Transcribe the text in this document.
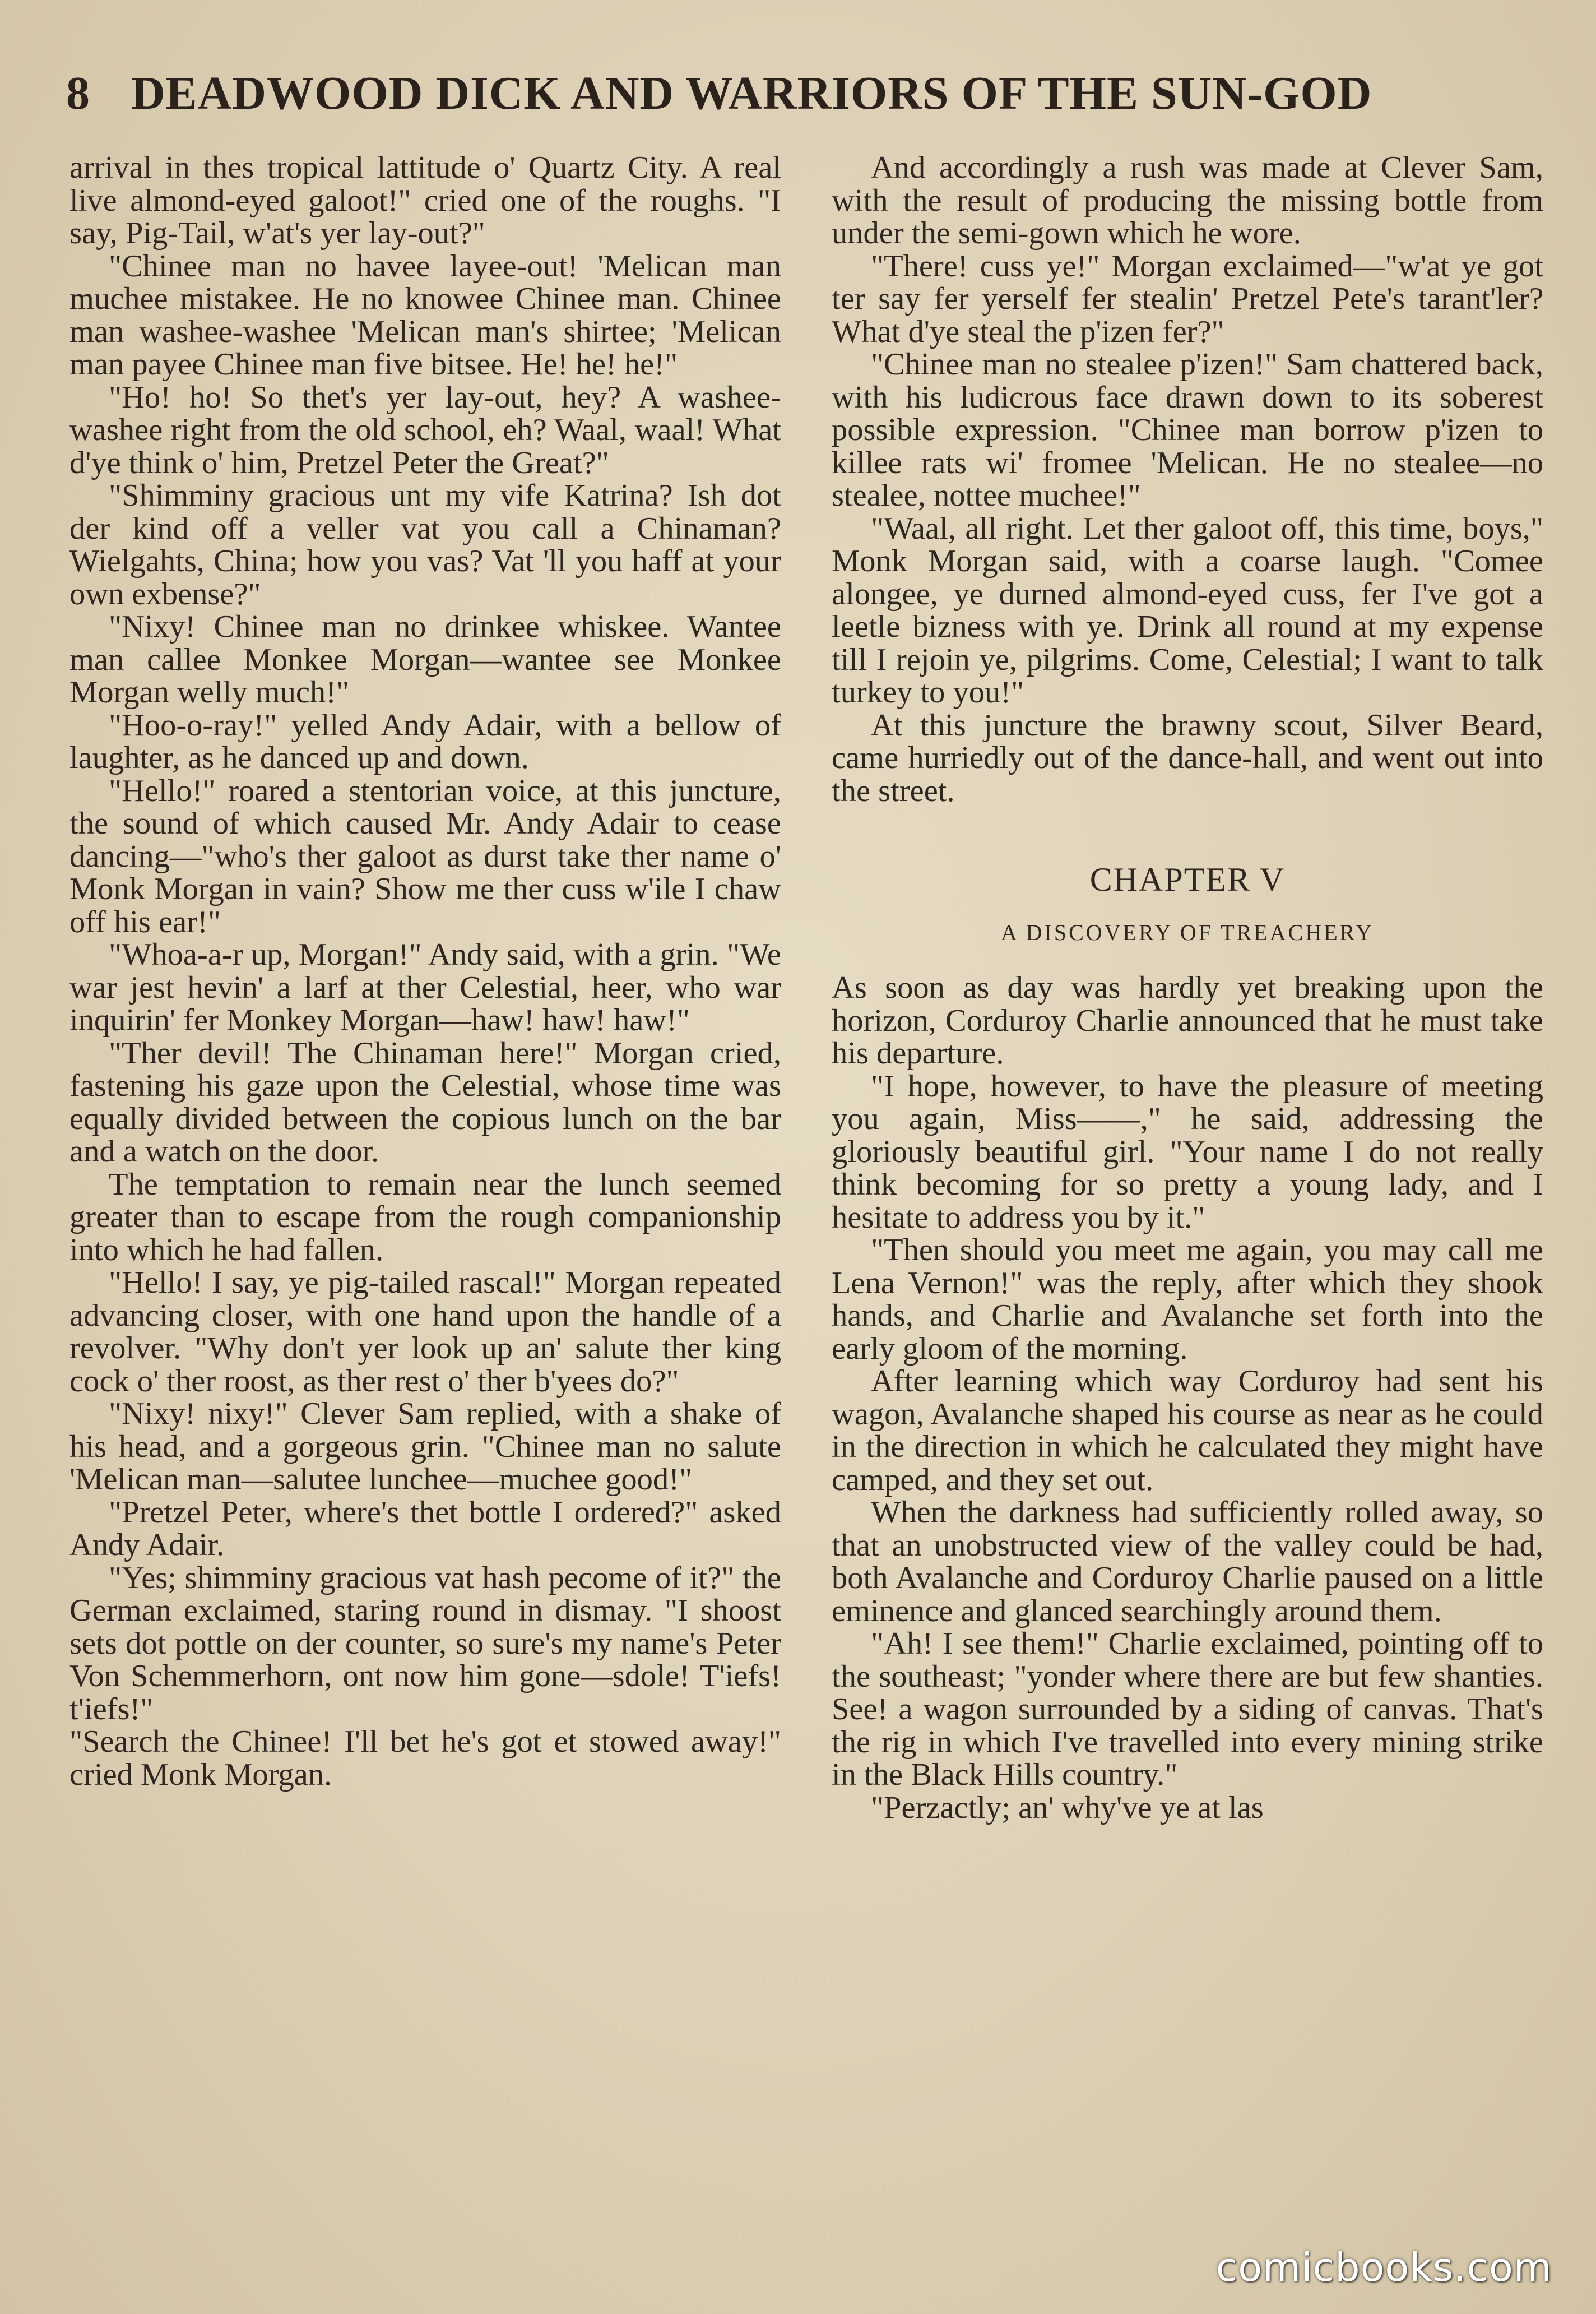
8 DEADWOOD DICK AND WARRIORS OF THE SUN-GOD

arrival in thes tropical lattitude o' Quartz City. A real live almond-eyed galoot!" cried one of the roughs. "I say, Pig-Tail, w'at's yer lay-out?"

"Chinee man no havee layee-out! 'Melican man muchee mistakee. He no knowee Chinee man. Chinee man washee-washee 'Melican man's shirtee; 'Melican man payee Chinee man five bitsee. He! he! he!"

"Ho! ho! So thet's yer lay-out, hey? A washee-washee right from the old school, eh? Waal, waal! What d'ye think o' him, Pretzel Peter the Great?"

"Shimminy gracious unt my vife Katrina? Ish dot der kind off a veller vat you call a Chinaman? Wielgahts, China; how you vas? Vat 'll you haff at your own exbense?"

"Nixy! Chinee man no drinkee whiskee. Wantee man callee Monkee Morgan—wantee see Monkee Morgan welly much!"

"Hoo-o-ray!" yelled Andy Adair, with a bellow of laughter, as he danced up and down.

"Hello!" roared a stentorian voice, at this juncture, the sound of which caused Mr. Andy Adair to cease dancing—"who's ther galoot as durst take ther name o' Monk Morgan in vain? Show me ther cuss w'ile I chaw off his ear!"

"Whoa-a-r up, Morgan!" Andy said, with a grin. "We war jest hevin' a larf at ther Celestial, heer, who war inquirin' fer Monkey Morgan—haw! haw! haw!"

"Ther devil! The Chinaman here!" Morgan cried, fastening his gaze upon the Celestial, whose time was equally divided between the copious lunch on the bar and a watch on the door.

The temptation to remain near the lunch seemed greater than to escape from the rough companionship into which he had fallen.

"Hello! I say, ye pig-tailed rascal!" Morgan repeated advancing closer, with one hand upon the handle of a revolver. "Why don't yer look up an' salute ther king cock o' ther roost, as ther rest o' ther b'yees do?"

"Nixy! nixy!" Clever Sam replied, with a shake of his head, and a gorgeous grin. "Chinee man no salute 'Melican man—salutee lunchee—muchee good!"

"Pretzel Peter, where's thet bottle I ordered?" asked Andy Adair.

"Yes; shimminy gracious vat hash pecome of it?" the German exclaimed, staring round in dismay. "I shoost sets dot pottle on der counter, so sure's my name's Peter Von Schemmerhorn, ont now him gone—sdole! T'iefs! t'iefs!"

"Search the Chinee! I'll bet he's got et stowed away!" cried Monk Morgan.

And accordingly a rush was made at Clever Sam, with the result of producing the missing bottle from under the semi-gown which he wore.

"There! cuss ye!" Morgan exclaimed—"w'at ye got ter say fer yerself fer stealin' Pretzel Pete's tarant'ler? What d'ye steal the p'izen fer?"

"Chinee man no stealee p'izen!" Sam chattered back, with his ludicrous face drawn down to its soberest possible expression. "Chinee man borrow p'izen to killee rats wi' fromee 'Melican. He no stealee—no stealee, nottee muchee!"

"Waal, all right. Let ther galoot off, this time, boys," Monk Morgan said, with a coarse laugh. "Comee alongee, ye durned almond-eyed cuss, fer I've got a leetle bizness with ye. Drink all round at my expense till I rejoin ye, pilgrims. Come, Celestial; I want to talk turkey to you!"

At this juncture the brawny scout, Silver Beard, came hurriedly out of the dance-hall, and went out into the street.

CHAPTER V

A DISCOVERY OF TREACHERY

As soon as day was hardly yet breaking upon the horizon, Corduroy Charlie announced that he must take his departure.

"I hope, however, to have the pleasure of meeting you again, Miss——," he said, addressing the gloriously beautiful girl. "Your name I do not really think becoming for so pretty a young lady, and I hesitate to address you by it."

"Then should you meet me again, you may call me Lena Vernon!" was the reply, after which they shook hands, and Charlie and Avalanche set forth into the early gloom of the morning.

After learning which way Corduroy had sent his wagon, Avalanche shaped his course as near as he could in the direction in which he calculated they might have camped, and they set out.

When the darkness had sufficiently rolled away, so that an unobstructed view of the valley could be had, both Avalanche and Corduroy Charlie paused on a little eminence and glanced searchingly around them.

"Ah! I see them!" Charlie exclaimed, pointing off to the southeast; "yonder where there are but few shanties. See! a wagon surrounded by a siding of canvas. That's the rig in which I've travelled into every mining strike in the Black Hills country."

"Perzactly; an' why've ye at las

comicbooks.com
